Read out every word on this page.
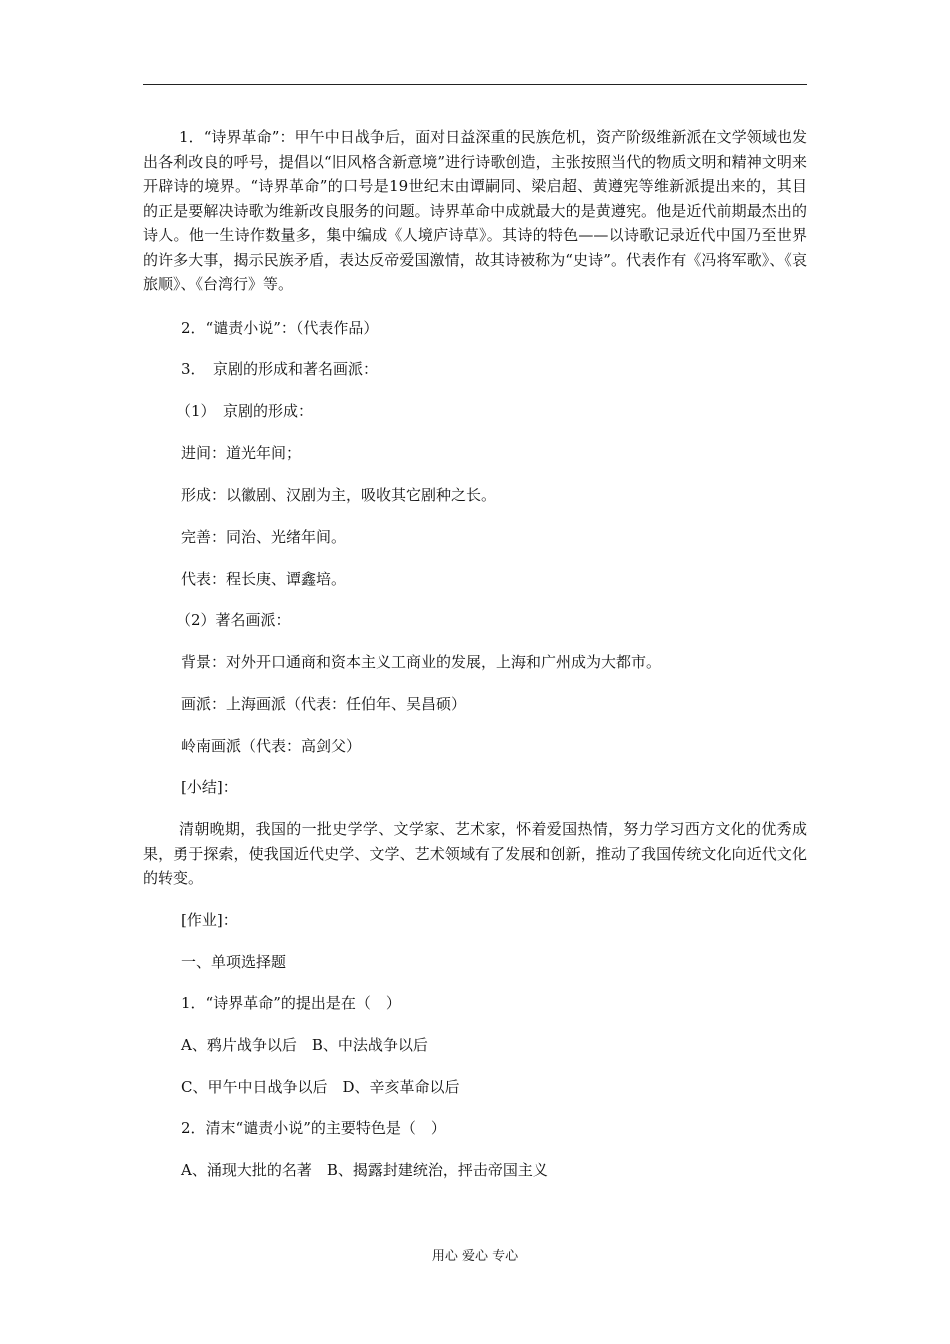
1．“诗界革命”：甲午中日战争后，面对日益深重的民族危机，资产阶级维新派在文学领域也发出各利改良的呼号，提倡以“旧风格含新意境”进行诗歌创造，主张按照当代的物质文明和精神文明来开辟诗的境界。“诗界革命”的口号是19世纪末由谭嗣同、梁启超、黄遵宪等维新派提出来的，其目的正是要解决诗歌为维新改良服务的问题。诗界革命中成就最大的是黄遵宪。他是近代前期最杰出的诗人。他一生诗作数量多，集中编成《人境庐诗草》。其诗的特色——以诗歌记录近代中国乃至世界的许多大事，揭示民族矛盾，表达反帝爱国激情，故其诗被称为“史诗”。代表作有《冯将军歌》、《哀旅顺》、《台湾行》等。

2．“谴责小说”：（代表作品）

3．　京剧的形成和著名画派：

（1）　京剧的形成：

进间：道光年间；

形成：以徽剧、汉剧为主，吸收其它剧种之长。

完善：同治、光绪年间。

代表：程长庚、谭鑫培。

（2）著名画派：

背景：对外开口通商和资本主义工商业的发展，上海和广州成为大都市。

画派：上海画派（代表：任伯年、吴昌硕）

岭南画派（代表：高剑父）

[小结]：

清朝晚期，我国的一批史学学、文学家、艺术家，怀着爱国热情，努力学习西方文化的优秀成果，勇于探索，使我国近代史学、文学、艺术领域有了发展和创新，推动了我国传统文化向近代文化的转变。

[作业]：

一、单项选择题

1．“诗界革命”的提出是在（　）

A、鸦片战争以后　B、中法战争以后

C、甲午中日战争以后　D、辛亥革命以后

2．清末“谴责小说”的主要特色是（　）

A、涌现大批的名著　B、揭露封建统治，抨击帝国主义

用心 爱心 专心
